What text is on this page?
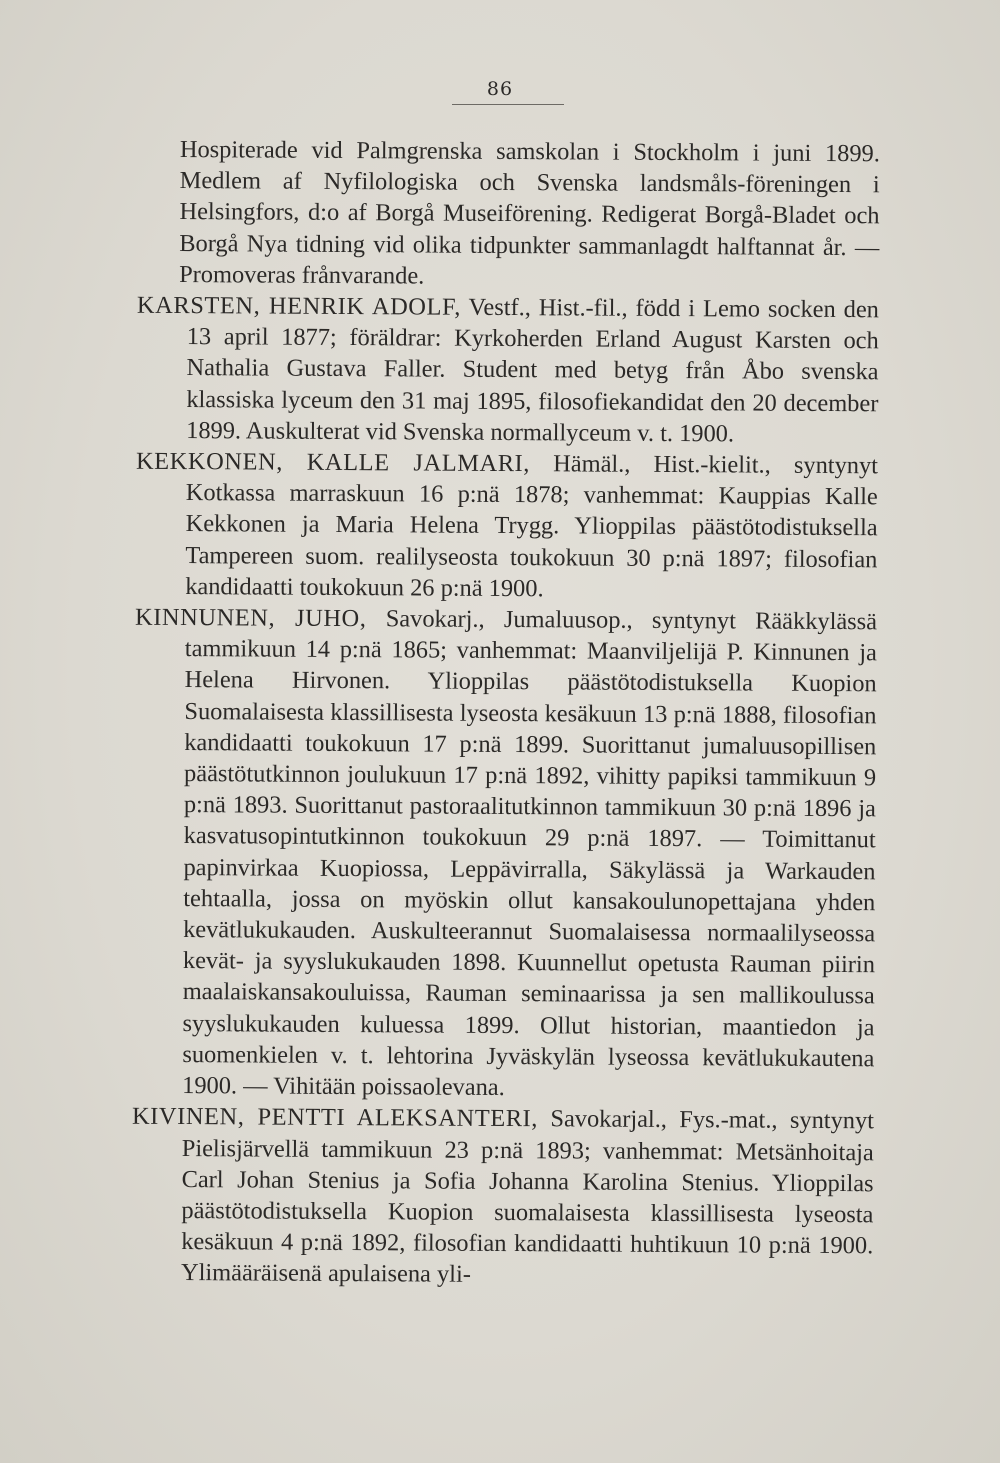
86

Hospiterade vid Palmgrenska samskolan i Stockholm i juni 1899. Medlem af Nyfilologiska och Svenska landsmåls-föreningen i Helsingfors, d:o af Borgå Museiförening. Redigerat Borgå-Bladet och Borgå Nya tidning vid olika tidpunkter sammanlagdt halftannat år. — Promoveras frånvarande.

KARSTEN, HENRIK ADOLF, Vestf., Hist.-fil., född i Lemo socken den 13 april 1877; föräldrar: Kyrkoherden Erland August Karsten och Nathalia Gustava Faller. Student med betyg från Åbo svenska klassiska lyceum den 31 maj 1895, filosofiekandidat den 20 december 1899. Auskulterat vid Svenska normallyceum v. t. 1900.

KEKKONEN, KALLE JALMARI, Hämäl., Hist.-kielit., syntynyt Kotkassa marraskuun 16 p:nä 1878; vanhemmat: Kauppias Kalle Kekkonen ja Maria Helena Trygg. Ylioppilas päästötodistuksella Tampereen suom. realilyseosta toukokuun 30 p:nä 1897; filosofian kandidaatti toukokuun 26 p:nä 1900.

KINNUNEN, JUHO, Savokarj., Jumaluusop., syntynyt Rääkkylässä tammikuun 14 p:nä 1865; vanhemmat: Maanviljelijä P. Kinnunen ja Helena Hirvonen. Ylioppilas päästötodistuksella Kuopion Suomalaisesta klassillisesta lyseosta kesäkuun 13 p:nä 1888, filosofian kandidaatti toukokuun 17 p:nä 1899. Suorittanut jumaluusopillisen päästötutkinnon joulukuun 17 p:nä 1892, vihitty papiksi tammikuun 9 p:nä 1893. Suorittanut pastoraalitutkinnon tammikuun 30 p:nä 1896 ja kasvatusopintutkinnon toukokuun 29 p:nä 1897. — Toimittanut papinvirkaa Kuopiossa, Leppävirralla, Säkylässä ja Warkauden tehtaalla, jossa on myöskin ollut kansakoulunopettajana yhden kevätlukukauden. Auskulteerannut Suomalaisessa normaalilyseossa kevät- ja syyslukukauden 1898. Kuunnellut opetusta Rauman piirin maalaiskansakouluissa, Rauman seminaarissa ja sen mallikoulussa syyslukukauden kuluessa 1899. Ollut historian, maantiedon ja suomenkielen v. t. lehtorina Jyväskylän lyseossa kevätlukukautena 1900. — Vihitään poissaolevana.

KIVINEN, PENTTI ALEKSANTERI, Savokarjal., Fys.-mat., syntynyt Pielisjärvellä tammikuun 23 p:nä 1893; vanhemmat: Metsänhoitaja Carl Johan Stenius ja Sofia Johanna Karolina Stenius. Ylioppilas päästötodistuksella Kuopion suomalaisesta klassillisesta lyseosta kesäkuun 4 p:nä 1892, filosofian kandidaatti huhtikuun 10 p:nä 1900. Ylimääräisenä apulaisena yli-
